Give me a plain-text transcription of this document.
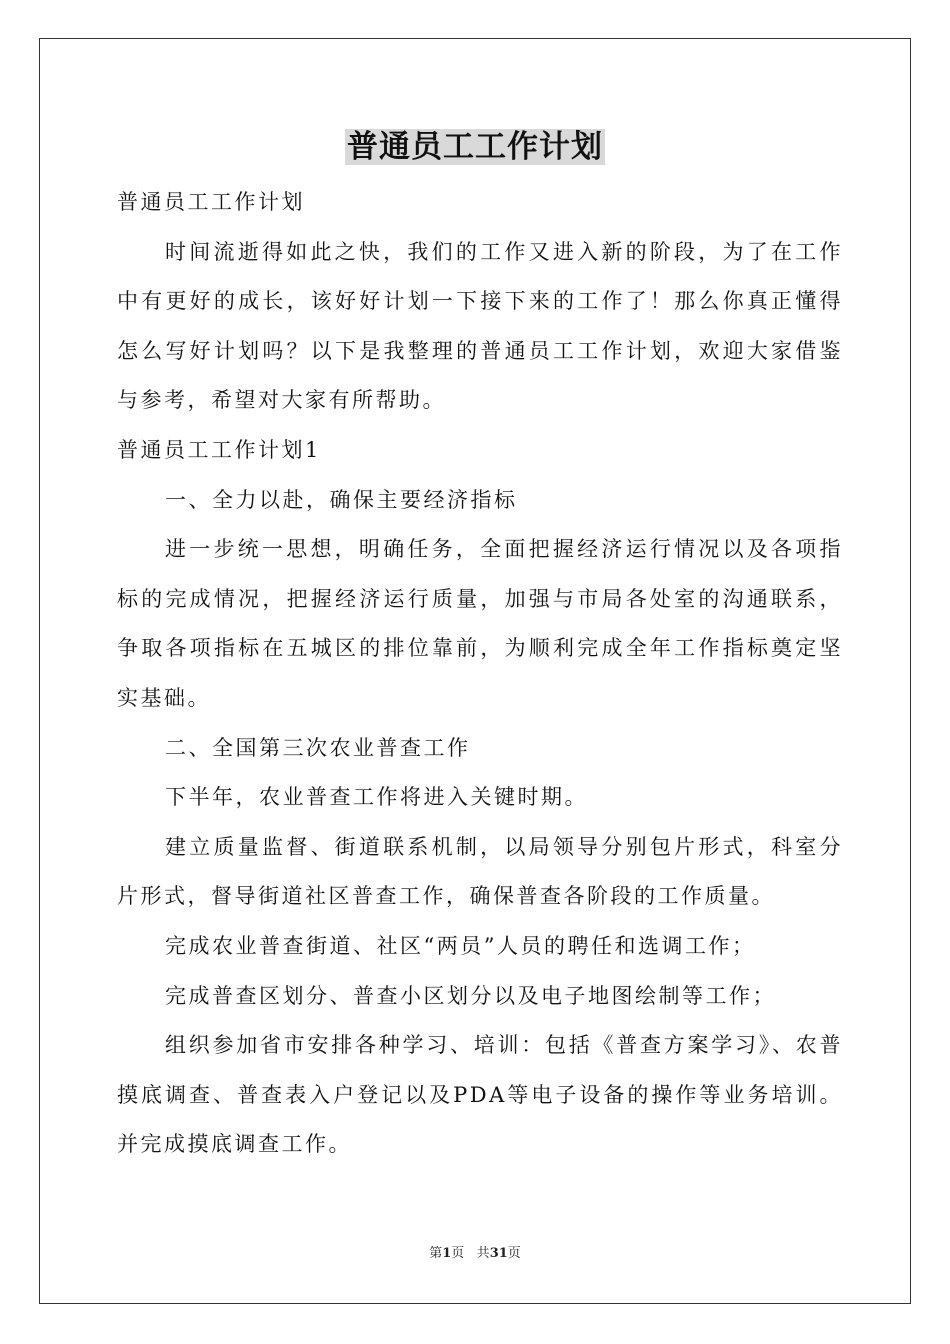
普通员工工作计划

普通员工工作计划

时间流逝得如此之快，我们的工作又进入新的阶段，为了在工作中有更好的成长，该好好计划一下接下来的工作了！那么你真正懂得怎么写好计划吗？以下是我整理的普通员工工作计划，欢迎大家借鉴与参考，希望对大家有所帮助。

普通员工工作计划1

一、全力以赴，确保主要经济指标

进一步统一思想，明确任务，全面把握经济运行情况以及各项指标的完成情况，把握经济运行质量，加强与市局各处室的沟通联系，争取各项指标在五城区的排位靠前，为顺利完成全年工作指标奠定坚实基础。

二、全国第三次农业普查工作

下半年，农业普查工作将进入关键时期。

建立质量监督、街道联系机制，以局领导分别包片形式，科室分片形式，督导街道社区普查工作，确保普查各阶段的工作质量。

完成农业普查街道、社区“两员”人员的聘任和选调工作；

完成普查区划分、普查小区划分以及电子地图绘制等工作；

组织参加省市安排各种学习、培训：包括《普查方案学习》、农普摸底调查、普查表入户登记以及PDA等电子设备的操作等业务培训。并完成摸底调查工作。

第1页 共31页
